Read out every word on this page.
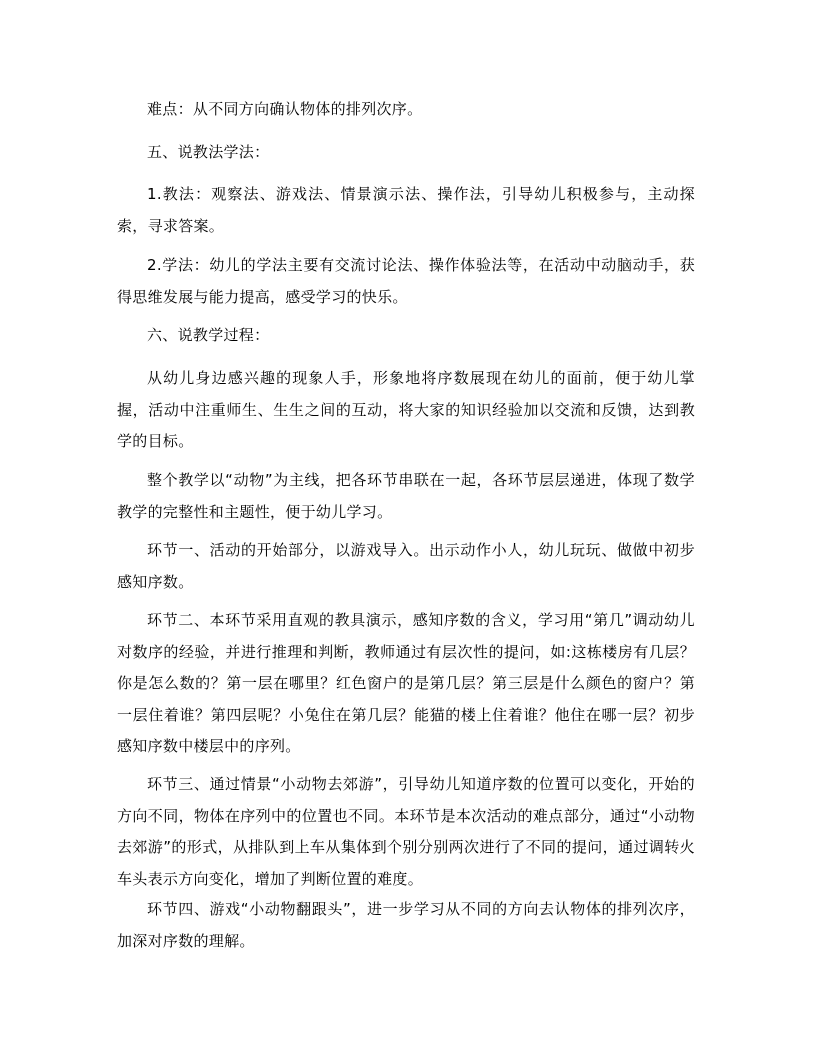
难点：从不同方向确认物体的排列次序。

五、说教法学法：

1.教法：观察法、游戏法、情景演示法、操作法，引导幼儿积极参与，主动探索，寻求答案。

2.学法：幼儿的学法主要有交流讨论法、操作体验法等，在活动中动脑动手，获得思维发展与能力提高，感受学习的快乐。

六、说教学过程：

从幼儿身边感兴趣的现象人手，形象地将序数展现在幼儿的面前，便于幼儿掌握，活动中注重师生、生生之间的互动，将大家的知识经验加以交流和反馈，达到教学的目标。

整个教学以“动物”为主线，把各环节串联在一起，各环节层层递进，体现了数学教学的完整性和主题性，便于幼儿学习。

环节一、活动的开始部分，以游戏导入。出示动作小人，幼儿玩玩、做做中初步感知序数。

环节二、本环节采用直观的教具演示，感知序数的含义，学习用“第几”调动幼儿对数序的经验，并进行推理和判断，教师通过有层次性的提问，如:这栋楼房有几层？你是怎么数的？第一层在哪里？红色窗户的是第几层？第三层是什么颜色的窗户？第一层住着谁？第四层呢？小兔住在第几层？能猫的楼上住着谁？他住在哪一层？初步感知序数中楼层中的序列。

环节三、通过情景“小动物去郊游”，引导幼儿知道序数的位置可以变化，开始的方向不同，物体在序列中的位置也不同。本环节是本次活动的难点部分，通过“小动物去郊游”的形式，从排队到上车从集体到个别分别两次进行了不同的提问，通过调转火车头表示方向变化，增加了判断位置的难度。

环节四、游戏“小动物翻跟头”，进一步学习从不同的方向去认物体的排列次序，加深对序数的理解。
